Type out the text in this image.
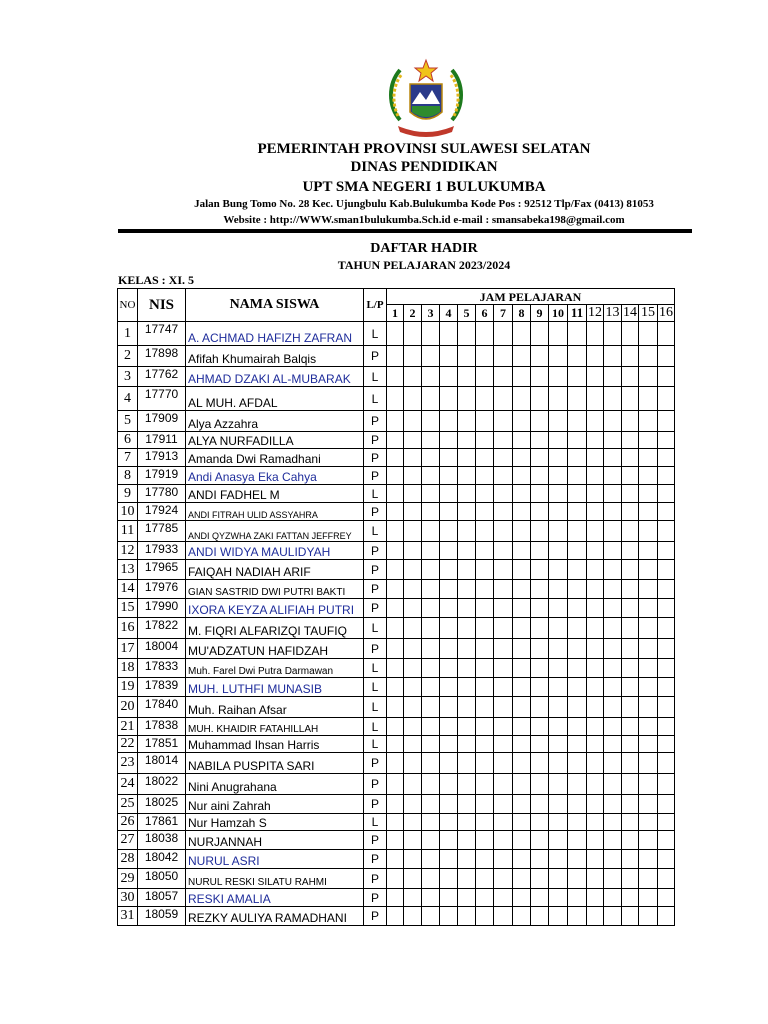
PEMERINTAH PROVINSI SULAWESI SELATAN
DINAS PENDIDIKAN
UPT SMA NEGERI 1 BULUKUMBA
Jalan Bung Tomo No. 28 Kec. Ujungbulu Kab.Bulukumba Kode Pos : 92512 Tlp/Fax (0413) 81053
Website : http://WWW.sman1bulukumba.Sch.id e-mail : smansabeka198@gmail.com
DAFTAR HADIR
TAHUN PELAJARAN 2023/2024
KELAS : XI. 5
NO	NIS	NAMA SISWA	L/P	JAM PELAJARAN															
				1	2	3	4	5	6	7	8	9	10	11	12	13	14	15	16
1	17747	A. ACHMAD HAFIZH ZAFRAN	L																
2	17898	Afifah Khumairah Balqis	P																
3	17762	AHMAD DZAKI AL-MUBARAK	L																
4	17770	AL MUH. AFDAL	L																
5	17909	Alya Azzahra	P																
6	17911	ALYA NURFADILLA	P																
7	17913	Amanda Dwi Ramadhani	P																
8	17919	Andi Anasya Eka Cahya	P																
9	17780	ANDI FADHEL M	L																
10	17924	ANDI FITRAH ULID ASSYAHRA	P																
11	17785	ANDI QYZWHA ZAKI FATTAN JEFFREY	L																
12	17933	ANDI WIDYA MAULIDYAH	P																
13	17965	FAIQAH NADIAH ARIF	P																
14	17976	GIAN SASTRID DWI PUTRI BAKTI	P																
15	17990	IXORA KEYZA ALIFIAH PUTRI	P																
16	17822	M. FIQRI ALFARIZQI TAUFIQ	L																
17	18004	MU'ADZATUN HAFIDZAH	P																
18	17833	Muh. Farel Dwi Putra Darmawan	L																
19	17839	MUH. LUTHFI MUNASIB	L																
20	17840	Muh. Raihan Afsar	L																
21	17838	MUH. KHAIDIR FATAHILLAH	L																
22	17851	Muhammad Ihsan Harris	L																
23	18014	NABILA PUSPITA SARI	P																
24	18022	Nini Anugrahana	P																
25	18025	Nur aini Zahrah	P																
26	17861	Nur Hamzah S	L																
27	18038	NURJANNAH	P																
28	18042	NURUL ASRI	P																
29	18050	NURUL RESKI SILATU RAHMI	P																
30	18057	RESKI AMALIA	P																
31	18059	REZKY AULIYA RAMADHANI	P																
